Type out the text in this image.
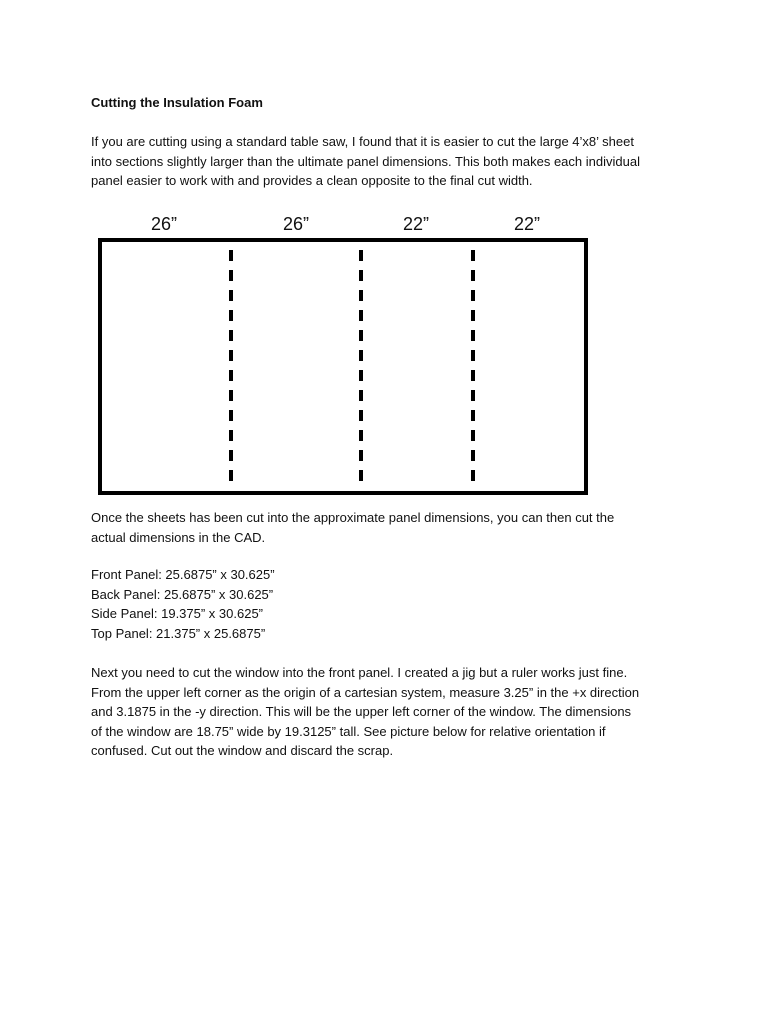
Cutting the Insulation Foam
If you are cutting using a standard table saw, I found that it is easier to cut the large 4’x8’ sheet
into sections slightly larger than the ultimate panel dimensions. This both makes each individual
panel easier to work with and provides a clean opposite to the final cut width.
26”	26”	22”	22”
Once the sheets has been cut into the approximate panel dimensions, you can then cut the
actual dimensions in the CAD.
Front Panel: 25.6875” x 30.625”
Back Panel: 25.6875” x 30.625”
Side Panel: 19.375” x 30.625”
Top Panel: 21.375” x 25.6875”
Next you need to cut the window into the front panel. I created a jig but a ruler works just fine.
From the upper left corner as the origin of a cartesian system, measure 3.25” in the +x direction
and 3.1875 in the -y direction. This will be the upper left corner of the window. The dimensions
of the window are 18.75” wide by 19.3125” tall. See picture below for relative orientation if
confused. Cut out the window and discard the scrap.
